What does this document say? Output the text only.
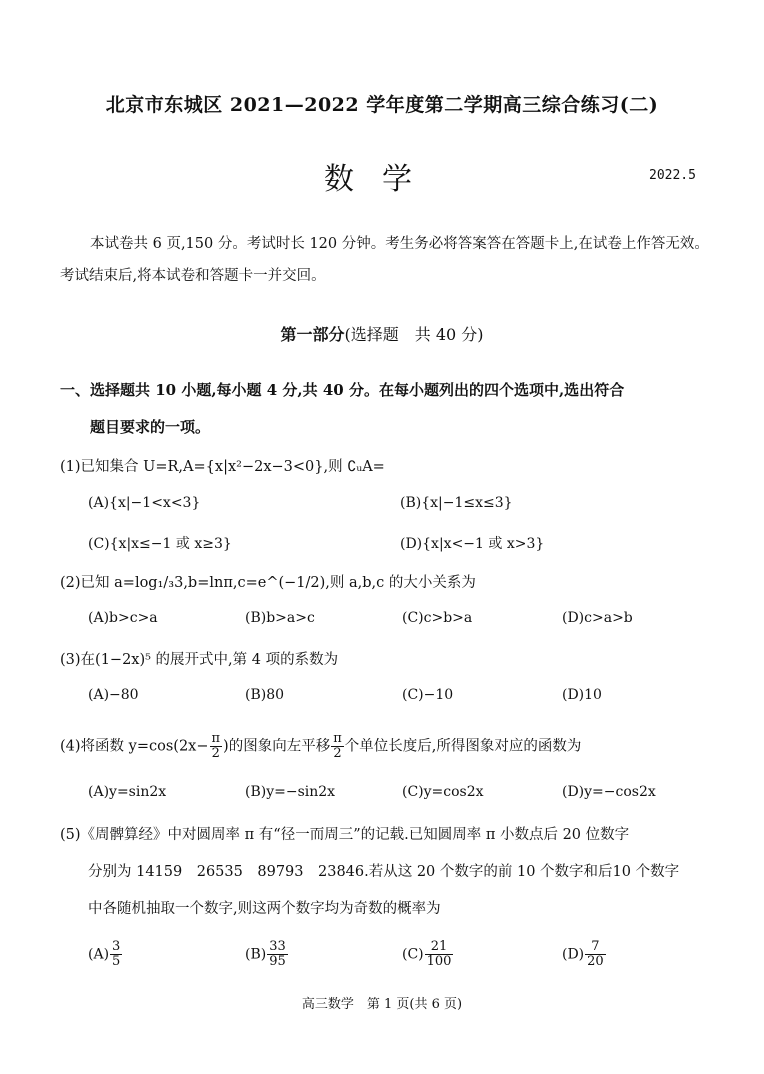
北京市东城区 2021—2022 学年度第二学期高三综合练习(二)
数学	2022.5
本试卷共 6 页,150 分。考试时长 120 分钟。考生务必将答案答在答题卡上,在试卷上作答无效。考试结束后,将本试卷和答题卡一并交回。
第一部分(选择题　共 40 分)
一、选择题共 10 小题,每小题 4 分,共 40 分。在每小题列出的四个选项中,选出符合
题目要求的一项。
(1)已知集合 U=R,A={x|x²−2x−3<0},则 ∁ᵤA=
(A){x|−1<x<3}	(B){x|−1≤x≤3}
(C){x|x≤−1 或 x≥3}	(D){x|x<−1 或 x>3}
(2)已知 a=log₁/₃3,b=lnπ,c=e^(−1/2),则 a,b,c 的大小关系为
(A)b>c>a	(B)b>a>c	(C)c>b>a	(D)c>a>b
(3)在(1−2x)⁵ 的展开式中,第 4 项的系数为
(A)−80	(B)80	(C)−10	(D)10
(4)将函数 $y=\cos(2x- \frac{\pi}{2}$ )的图象向左平移 $\frac{\pi}{2}$ 个单位长度后,所得图象对应的函数为
(A)y=sin2x	(B)y=−sin2x	(C)y=cos2x	(D)y=−cos2x
(5)《周髀算经》中对圆周率 π 有“径一而周三”的记载.已知圆周率 π 小数点后 20 位数字
分别为 14159　26535　89793　23846.若从这 20 个数字的前 10 个数字和后10 个数字
中各随机抽取一个数字,则这两个数字均为奇数的概率为
$(A) \frac{3}{5}$	$(B) \frac{33}{95}$	$(C) \frac{21}{100}$	$(D) \frac{7}{20}$
高三数学　第 1 页(共 6 页)
